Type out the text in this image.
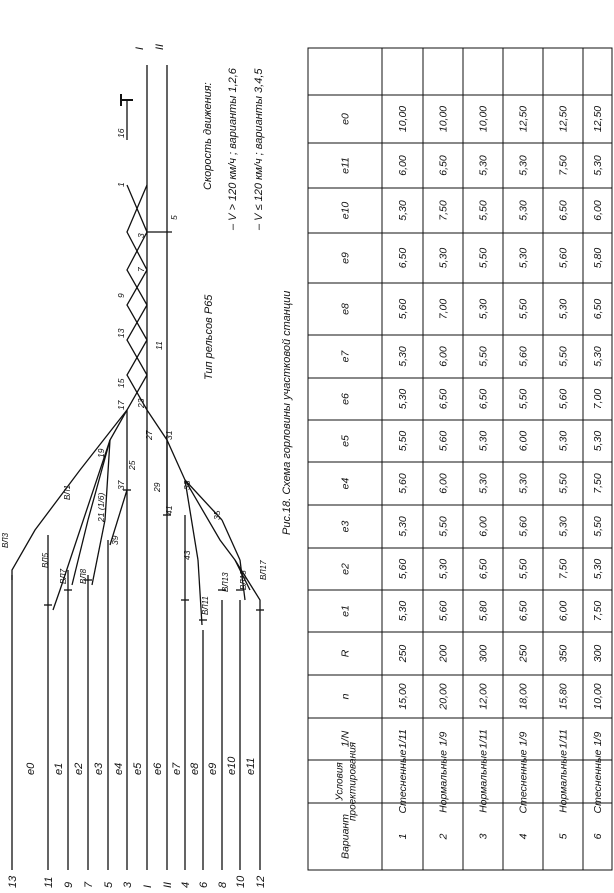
13 11 9 7 5 3 I II 4 6 8 10 12
e0 e1 e2 e3 e4 e5 e6 e7 e8 e9 e10 e11
I II
1
3
5
7
9
11
13
15
16
17
19
21 (1/6)
23
25
27
29
31
33
35
37
39
41
43
ВЛ1
ВЛ3
ВЛ5
ВЛ7 ВЛ8
ВЛ11
ВЛ13 ВЛ15
ВЛ17
Тип рельсов Р65
Скорость движения: – V > 120 км/ч ; варианты 1,2,6 – V ≤ 120 км/ч ; варианты 3,4,5
Рис.18. Схема горловины участковой станции
Вариант
Условия проектирования
1/N
n
R
e1
e2
e3
e4
e5
e6
e7
e8
e9
e10
e11
e0
1
Стесненные
1/11
15,00
250
5,30
5,60
5,30
5,60
5,50
5,30
5,30
5,60
6,50
5,30
6,00
10,00
2
Нормальные
1/9
20,00
200
5,60
5,30
5,50
6,00
5,60
6,50
6,00
7,00
5,30
7,50
6,50
10,00
3
Нормальные
1/11
12,00
300
5,80
6,50
6,00
5,30
5,30
6,50
5,50
5,30
5,50
5,50
5,30
10,00
4
Стесненные
1/9
18,00
250
6,50
5,50
5,60
5,30
6,00
5,50
5,60
5,50
5,30
5,30
5,30
12,50
5
Нормальные
1/11
15,80
350
6,00
7,50
5,30
5,50
5,30
5,60
5,50
5,30
5,60
6,50
7,50
12,50
6
Стесненные
1/9
10,00
300
7,50
5,30
5,50
7,50
5,30
7,00
5,30
6,50
5,80
6,00
5,30
12,50
